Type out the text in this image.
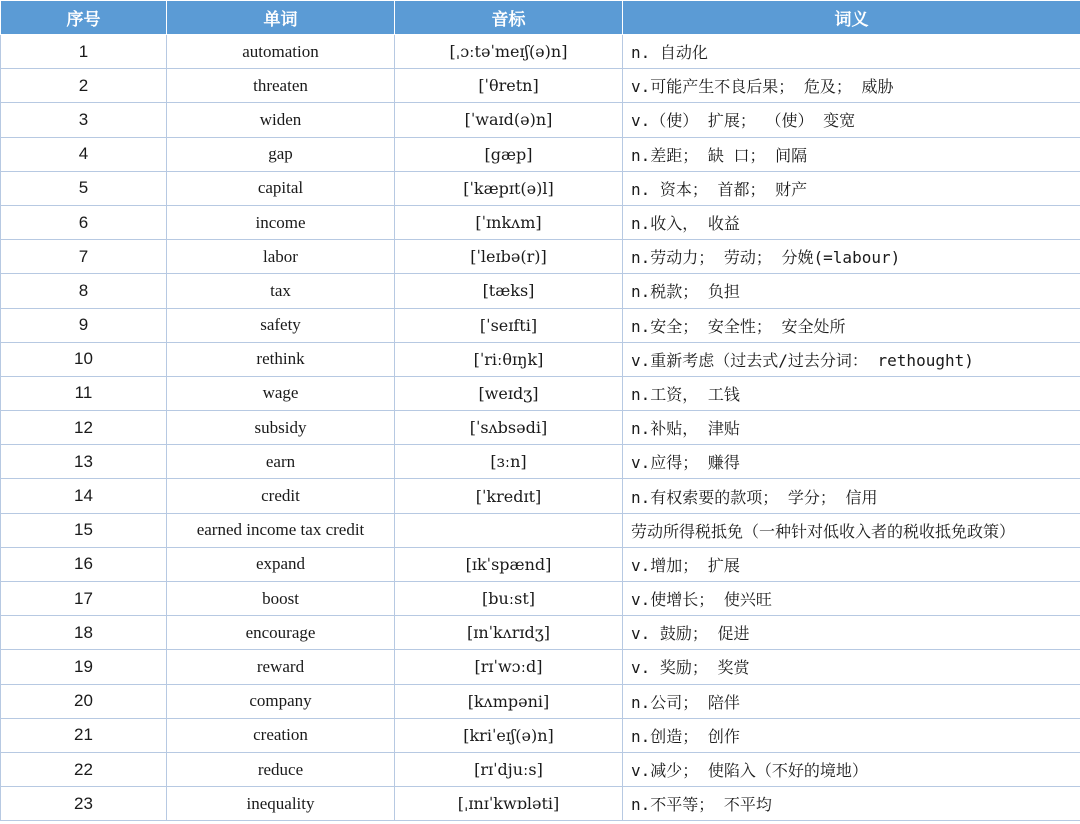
序号	单词	音标	词义
1	automation	[ˌɔːtəˈmeɪʃ(ə)n]	n. 自动化
2	threaten	[ˈθretn]	v.可能产生不良后果； 危及； 威胁
3	widen	[ˈwaɪd(ə)n]	v.（使） 扩展； （使） 变宽
4	gap	[gæp]	n.差距； 缺 口； 间隔
5	capital	[ˈkæpɪt(ə)l]	n. 资本； 首都； 财产
6	income	[ˈɪnkʌm]	n.收入， 收益
7	labor	[ˈleɪbə(r)]	n.劳动力； 劳动； 分娩(=labour)
8	tax	[tæks]	n.税款； 负担
9	safety	[ˈseɪfti]	n.安全； 安全性； 安全处所
10	rethink	[ˈriːθɪŋk]	v.重新考虑（过去式/过去分词： rethought)
11	wage	[weɪdʒ]	n.工资， 工钱
12	subsidy	[ˈsʌbsədi]	n.补贴， 津贴
13	earn	[ɜːn]	v.应得； 赚得
14	credit	[ˈkredɪt]	n.有权索要的款项； 学分； 信用
15	earned income tax credit		劳动所得税抵免（一种针对低收入者的税收抵免政策）
16	expand	[ɪkˈspænd]	v.增加； 扩展
17	boost	[buːst]	v.使增长； 使兴旺
18	encourage	[ɪnˈkʌrɪdʒ]	v. 鼓励； 促进
19	reward	[rɪˈwɔːd]	v. 奖励； 奖赏
20	company	[kʌmpəni]	n.公司； 陪伴
21	creation	[kriˈeɪʃ(ə)n]	n.创造； 创作
22	reduce	[rɪˈdjuːs]	v.减少； 使陷入（不好的境地）
23	inequality	[ˌɪnɪˈkwɒləti]	n.不平等； 不平均
